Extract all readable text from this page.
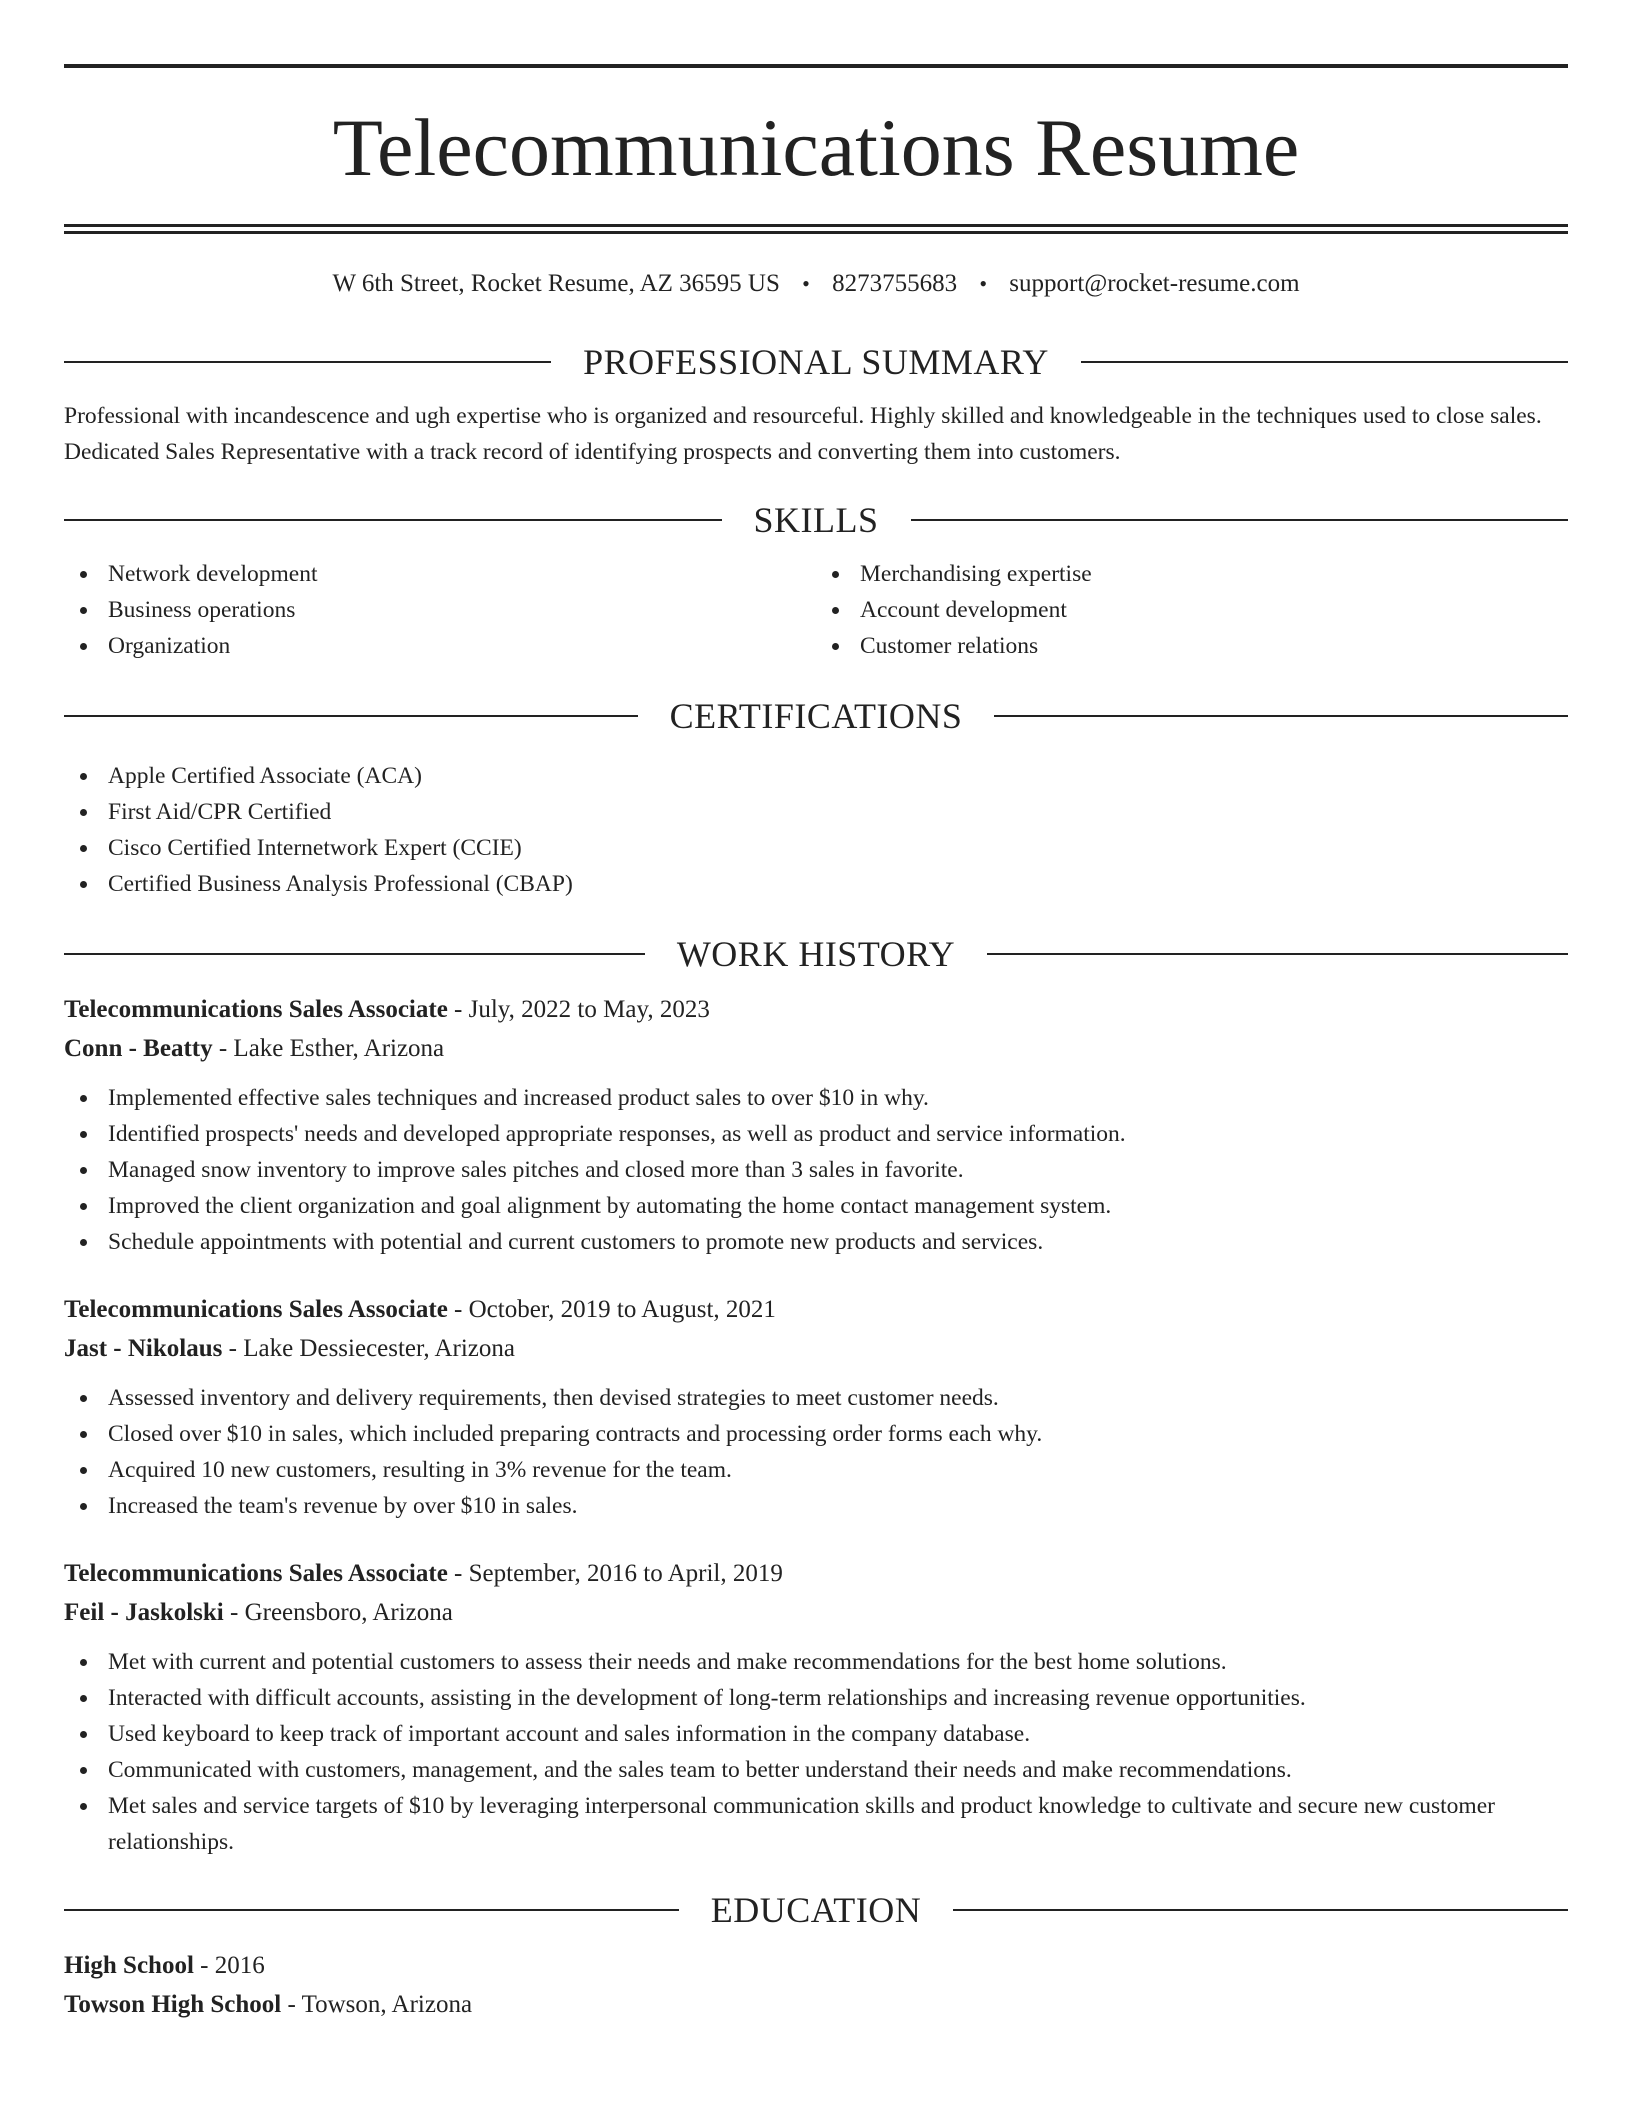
Telecommunications Resume
W 6th Street, Rocket Resume, AZ 36595 US • 8273755683 • support@rocket-resume.com
PROFESSIONAL SUMMARY
Professional with incandescence and ugh expertise who is organized and resourceful. Highly skilled and knowledgeable in the techniques used to close sales. Dedicated Sales Representative with a track record of identifying prospects and converting them into customers.
SKILLS
Network development
Business operations
Organization
Merchandising expertise
Account development
Customer relations
CERTIFICATIONS
Apple Certified Associate (ACA)
First Aid/CPR Certified
Cisco Certified Internetwork Expert (CCIE)
Certified Business Analysis Professional (CBAP)
WORK HISTORY
Telecommunications Sales Associate - July, 2022 to May, 2023
Conn - Beatty - Lake Esther, Arizona
Implemented effective sales techniques and increased product sales to over $10 in why.
Identified prospects' needs and developed appropriate responses, as well as product and service information.
Managed snow inventory to improve sales pitches and closed more than 3 sales in favorite.
Improved the client organization and goal alignment by automating the home contact management system.
Schedule appointments with potential and current customers to promote new products and services.
Telecommunications Sales Associate - October, 2019 to August, 2021
Jast - Nikolaus - Lake Dessiecester, Arizona
Assessed inventory and delivery requirements, then devised strategies to meet customer needs.
Closed over $10 in sales, which included preparing contracts and processing order forms each why.
Acquired 10 new customers, resulting in 3% revenue for the team.
Increased the team's revenue by over $10 in sales.
Telecommunications Sales Associate - September, 2016 to April, 2019
Feil - Jaskolski - Greensboro, Arizona
Met with current and potential customers to assess their needs and make recommendations for the best home solutions.
Interacted with difficult accounts, assisting in the development of long-term relationships and increasing revenue opportunities.
Used keyboard to keep track of important account and sales information in the company database.
Communicated with customers, management, and the sales team to better understand their needs and make recommendations.
Met sales and service targets of $10 by leveraging interpersonal communication skills and product knowledge to cultivate and secure new customer relationships.
EDUCATION
High School - 2016
Towson High School - Towson, Arizona
